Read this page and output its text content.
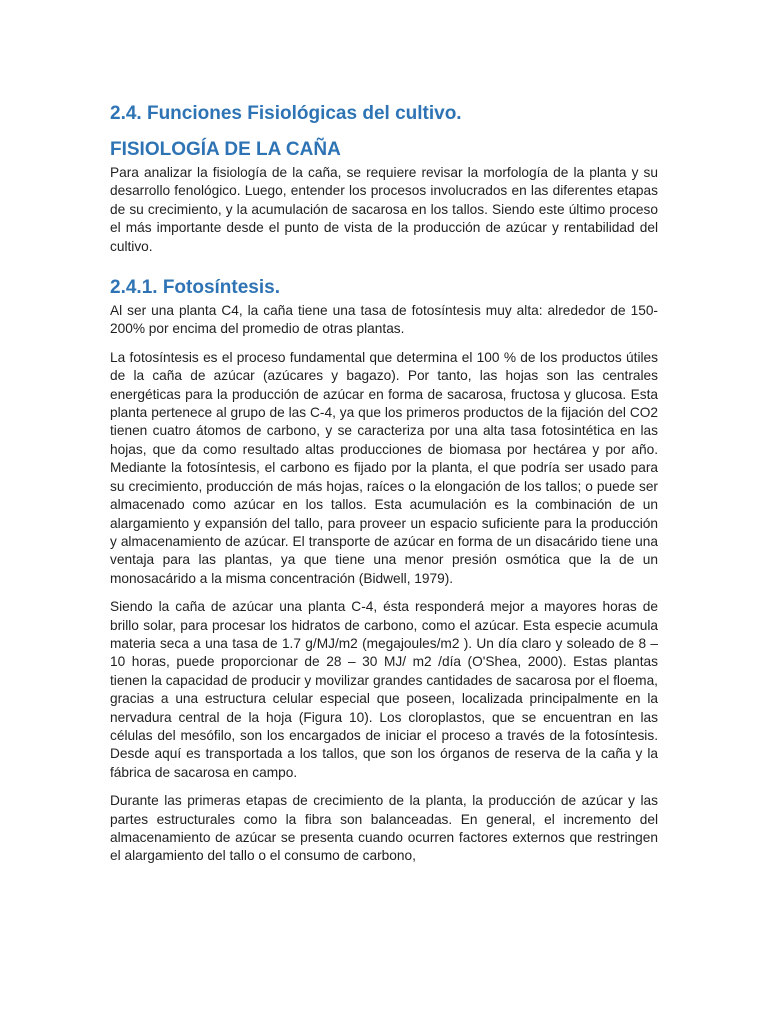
2.4. Funciones Fisiológicas del cultivo.
FISIOLOGÍA DE LA CAÑA

Para analizar la fisiología de la caña, se requiere revisar la morfología de la planta y su desarrollo fenológico. Luego, entender los procesos involucrados en las diferentes etapas de su crecimiento, y la acumulación de sacarosa en los tallos. Siendo este último proceso el más importante desde el punto de vista de la producción de azúcar y rentabilidad del cultivo.

2.4.1. Fotosíntesis.

Al ser una planta C4, la caña tiene una tasa de fotosíntesis muy alta: alrededor de 150-200% por encima del promedio de otras plantas.

La fotosíntesis es el proceso fundamental que determina el 100 % de los productos útiles de la caña de azúcar (azúcares y bagazo). Por tanto, las hojas son las centrales energéticas para la producción de azúcar en forma de sacarosa, fructosa y glucosa. Esta planta pertenece al grupo de las C-4, ya que los primeros productos de la fijación del CO2 tienen cuatro átomos de carbono, y se caracteriza por una alta tasa fotosintética en las hojas, que da como resultado altas producciones de biomasa por hectárea y por año. Mediante la fotosíntesis, el carbono es fijado por la planta, el que podría ser usado para su crecimiento, producción de más hojas, raíces o la elongación de los tallos; o puede ser almacenado como azúcar en los tallos. Esta acumulación es la combinación de un alargamiento y expansión del tallo, para proveer un espacio suficiente para la producción y almacenamiento de azúcar. El transporte de azúcar en forma de un disacárido tiene una ventaja para las plantas, ya que tiene una menor presión osmótica que la de un monosacárido a la misma concentración (Bidwell, 1979).

Siendo la caña de azúcar una planta C-4, ésta responderá mejor a mayores horas de brillo solar, para procesar los hidratos de carbono, como el azúcar. Esta especie acumula materia seca a una tasa de 1.7 g/MJ/m2 (megajoules/m2 ). Un día claro y soleado de 8 – 10 horas, puede proporcionar de 28 – 30 MJ/ m2 /día (O'Shea, 2000). Estas plantas tienen la capacidad de producir y movilizar grandes cantidades de sacarosa por el floema, gracias a una estructura celular especial que poseen, localizada principalmente en la nervadura central de la hoja (Figura 10). Los cloroplastos, que se encuentran en las células del mesófilo, son los encargados de iniciar el proceso a través de la fotosíntesis. Desde aquí es transportada a los tallos, que son los órganos de reserva de la caña y la fábrica de sacarosa en campo.

Durante las primeras etapas de crecimiento de la planta, la producción de azúcar y las partes estructurales como la fibra son balanceadas. En general, el incremento del almacenamiento de azúcar se presenta cuando ocurren factores externos que restringen el alargamiento del tallo o el consumo de carbono,
